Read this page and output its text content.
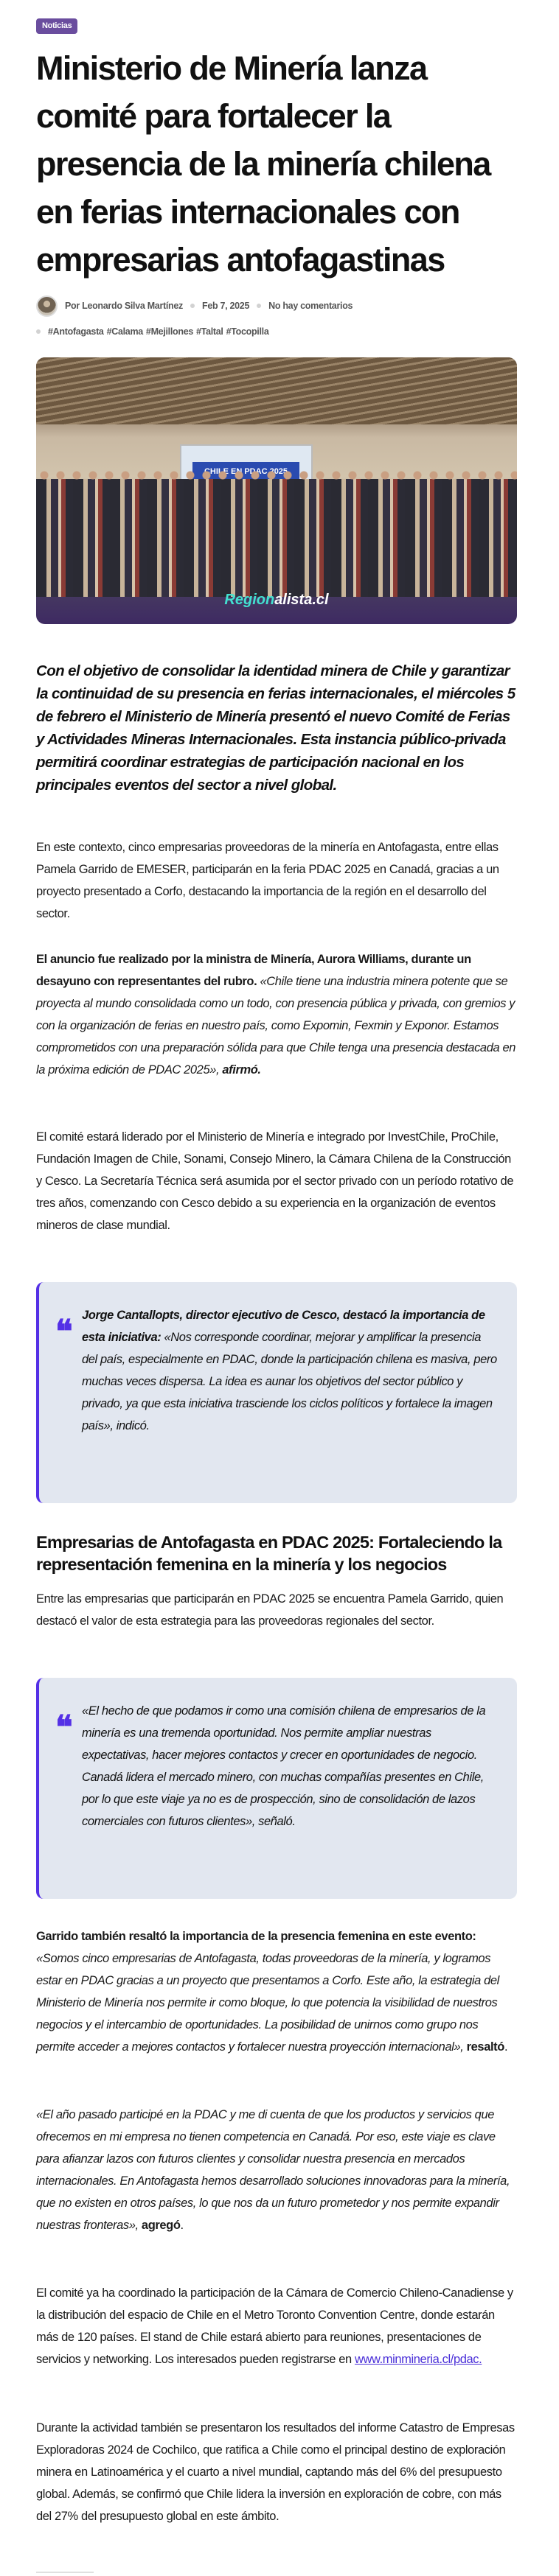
Noticias
Ministerio de Minería lanza comité para fortalecer la presencia de la minería chilena en ferias internacionales con empresarias antofagastinas
Por Leonardo Silva Martínez Feb 7, 2025 No hay comentarios
#Antofagasta #Calama #Mejillones #Taltal #Tocopilla
Regionalista.cl
Con el objetivo de consolidar la identidad minera de Chile y garantizar la continuidad de su presencia en ferias internacionales, el miércoles 5 de febrero el Ministerio de Minería presentó el nuevo Comité de Ferias y Actividades Mineras Internacionales. Esta instancia público-privada permitirá coordinar estrategias de participación nacional en los principales eventos del sector a nivel global.

En este contexto, cinco empresarias proveedoras de la minería en Antofagasta, entre ellas Pamela Garrido de EMESER, participarán en la feria PDAC 2025 en Canadá, gracias a un proyecto presentado a Corfo, destacando la importancia de la región en el desarrollo del sector.

El anuncio fue realizado por la ministra de Minería, Aurora Williams, durante un desayuno con representantes del rubro. «Chile tiene una industria minera potente que se proyecta al mundo consolidada como un todo, con presencia pública y privada, con gremios y con la organización de ferias en nuestro país, como Expomin, Fexmin y Exponor. Estamos comprometidos con una preparación sólida para que Chile tenga una presencia destacada en la próxima edición de PDAC 2025», afirmó.

El comité estará liderado por el Ministerio de Minería e integrado por InvestChile, ProChile, Fundación Imagen de Chile, Sonami, Consejo Minero, la Cámara Chilena de la Construcción y Cesco. La Secretaría Técnica será asumida por el sector privado con un período rotativo de tres años, comenzando con Cesco debido a su experiencia en la organización de eventos mineros de clase mundial.

❝ Jorge Cantallopts, director ejecutivo de Cesco, destacó la importancia de esta iniciativa: «Nos corresponde coordinar, mejorar y amplificar la presencia del país, especialmente en PDAC, donde la participación chilena es masiva, pero muchas veces dispersa. La idea es aunar los objetivos del sector público y privado, ya que esta iniciativa trasciende los ciclos políticos y fortalece la imagen país», indicó.
Empresarias de Antofagasta en PDAC 2025: Fortaleciendo la representación femenina en la minería y los negocios

Entre las empresarias que participarán en PDAC 2025 se encuentra Pamela Garrido, quien destacó el valor de esta estrategia para las proveedoras regionales del sector.

❝ «El hecho de que podamos ir como una comisión chilena de empresarios de la minería es una tremenda oportunidad. Nos permite ampliar nuestras expectativas, hacer mejores contactos y crecer en oportunidades de negocio. Canadá lidera el mercado minero, con muchas compañías presentes en Chile, por lo que este viaje ya no es de prospección, sino de consolidación de lazos comerciales con futuros clientes», señaló.

Garrido también resaltó la importancia de la presencia femenina en este evento: «Somos cinco empresarias de Antofagasta, todas proveedoras de la minería, y logramos estar en PDAC gracias a un proyecto que presentamos a Corfo. Este año, la estrategia del Ministerio de Minería nos permite ir como bloque, lo que potencia la visibilidad de nuestros negocios y el intercambio de oportunidades. La posibilidad de unirnos como grupo nos permite acceder a mejores contactos y fortalecer nuestra proyección internacional», resaltó.

«El año pasado participé en la PDAC y me di cuenta de que los productos y servicios que ofrecemos en mi empresa no tienen competencia en Canadá. Por eso, este viaje es clave para afianzar lazos con futuros clientes y consolidar nuestra presencia en mercados internacionales. En Antofagasta hemos desarrollado soluciones innovadoras para la minería, que no existen en otros países, lo que nos da un futuro prometedor y nos permite expandir nuestras fronteras», agregó.

El comité ya ha coordinado la participación de la Cámara de Comercio Chileno-Canadiense y la distribución del espacio de Chile en el Metro Toronto Convention Centre, donde estarán más de 120 países. El stand de Chile estará abierto para reuniones, presentaciones de servicios y networking. Los interesados pueden registrarse en www.minmineria.cl/pdac.

Durante la actividad también se presentaron los resultados del informe Catastro de Empresas Exploradoras 2024 de Cochilco, que ratifica a Chile como el principal destino de exploración minera en Latinoamérica y el cuarto a nivel mundial, captando más del 6% del presupuesto global. Además, se confirmó que Chile lidera la inversión en exploración de cobre, con más del 27% del presupuesto global en este ámbito.
